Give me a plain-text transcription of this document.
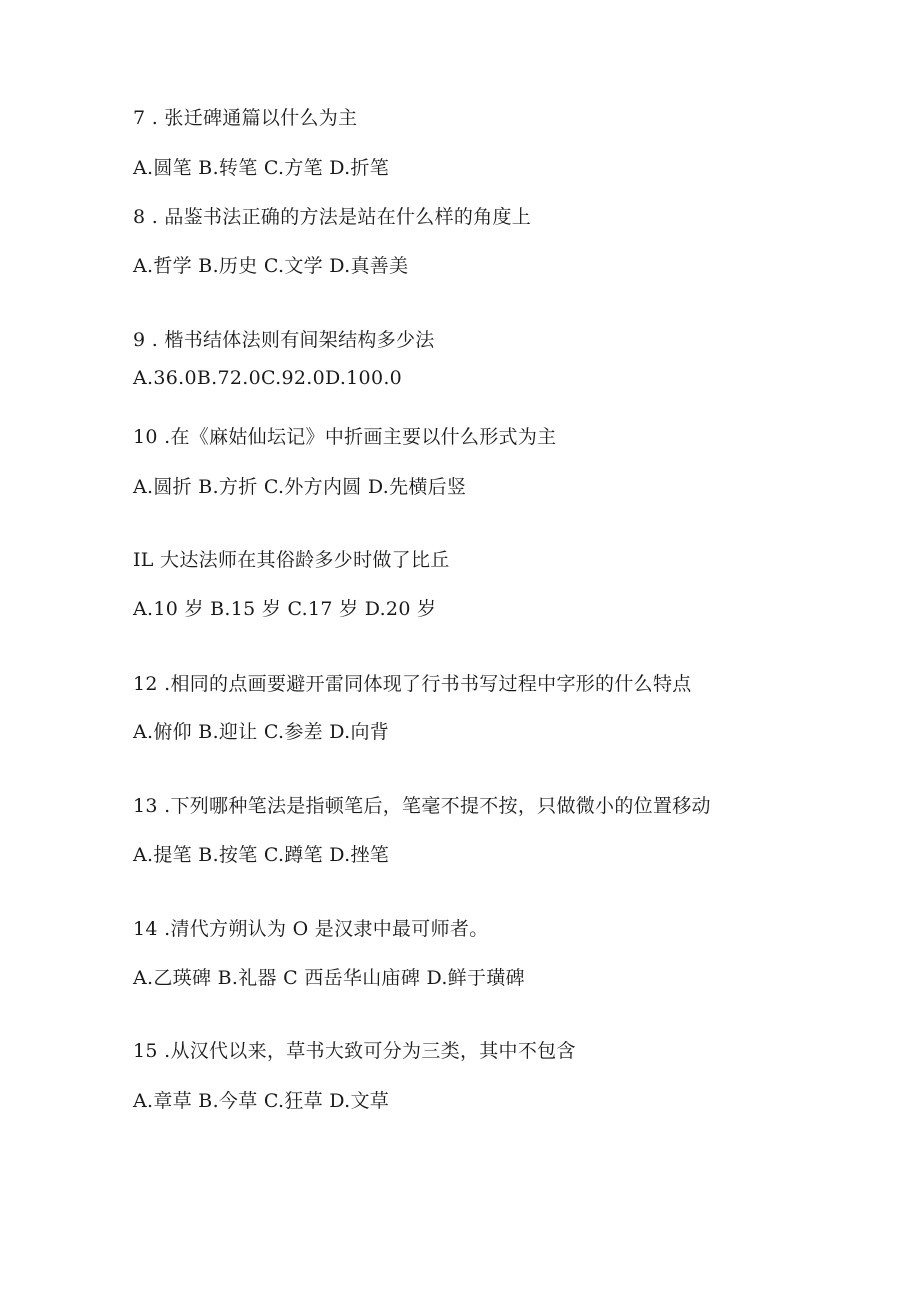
7 . 张迁碑通篇以什么为主
A.圆笔 B.转笔 C.方笔 D.折笔
8 . 品鉴书法正确的方法是站在什么样的角度上
A.哲学 B.历史 C.文学 D.真善美
9 . 楷书结体法则有间架结构多少法
A.36.0B.72.0C.92.0D.100.0
10 .在《麻姑仙坛记》中折画主要以什么形式为主
A.圆折 B.方折 C.外方内圆 D.先横后竖
IL 大达法师在其俗龄多少时做了比丘
A.10 岁 B.15 岁 C.17 岁 D.20 岁
12 .相同的点画要避开雷同体现了行书书写过程中字形的什么特点
A.俯仰 B.迎让 C.参差 D.向背
13 .下列哪种笔法是指顿笔后，笔毫不提不按，只做微小的位置移动
A.提笔 B.按笔 C.蹲笔 D.挫笔
14 .清代方朔认为 O 是汉隶中最可师者。
A.乙瑛碑 B.礼器 C 西岳华山庙碑 D.鲜于璜碑
15 .从汉代以来，草书大致可分为三类，其中不包含
A.章草 B.今草 C.狂草 D.文草
